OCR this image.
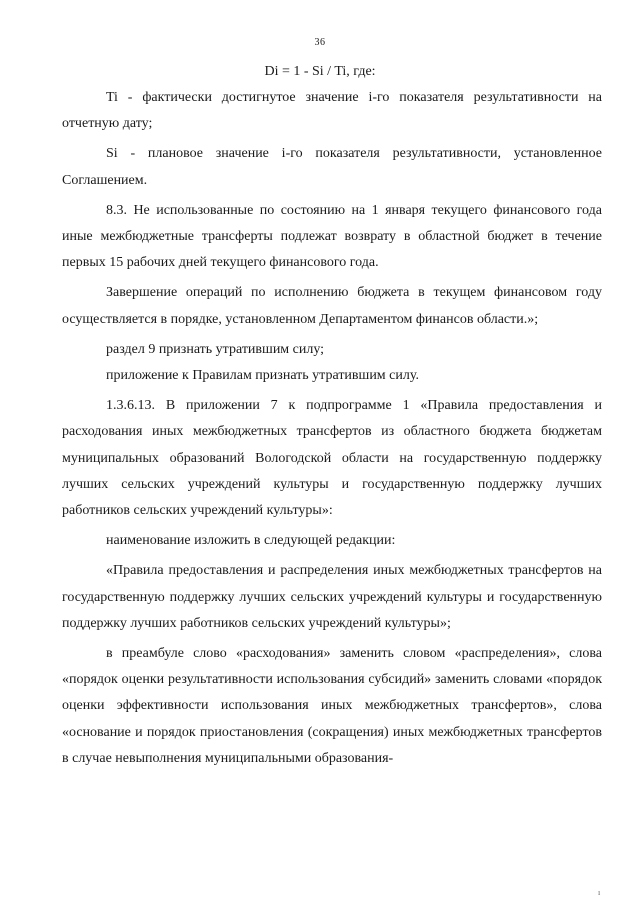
36
Di = 1 - Si / Ti, где:

Ti - фактически достигнутое значение i-го показателя результативности на отчетную дату;

Si - плановое значение i-го показателя результативности, установленное Соглашением.

8.3. Не использованные по состоянию на 1 января текущего финансового года иные межбюджетные трансферты подлежат возврату в областной бюджет в течение первых 15 рабочих дней текущего финансового года.

Завершение операций по исполнению бюджета в текущем финансовом году осуществляется в порядке, установленном Департаментом финансов области.»;

раздел 9 признать утратившим силу;

приложение к Правилам признать утратившим силу.

1.3.6.13. В приложении 7 к подпрограмме 1 «Правила предоставления и расходования иных межбюджетных трансфертов из областного бюджета бюджетам муниципальных образований Вологодской области на государственную поддержку лучших сельских учреждений культуры и государственную поддержку лучших работников сельских учреждений культуры»:

наименование изложить в следующей редакции:

«Правила предоставления и распределения иных межбюджетных трансфертов на государственную поддержку лучших сельских учреждений культуры и государственную поддержку лучших работников сельских учреждений культуры»;

в преамбуле слово «расходования» заменить словом «распределения», слова «порядок оценки результативности использования субсидий» заменить словами «порядок оценки эффективности использования иных межбюджетных трансфертов», слова «основание и порядок приостановления (сокращения) иных межбюджетных трансфертов в случае невыполнения муниципальными образования-

ı
